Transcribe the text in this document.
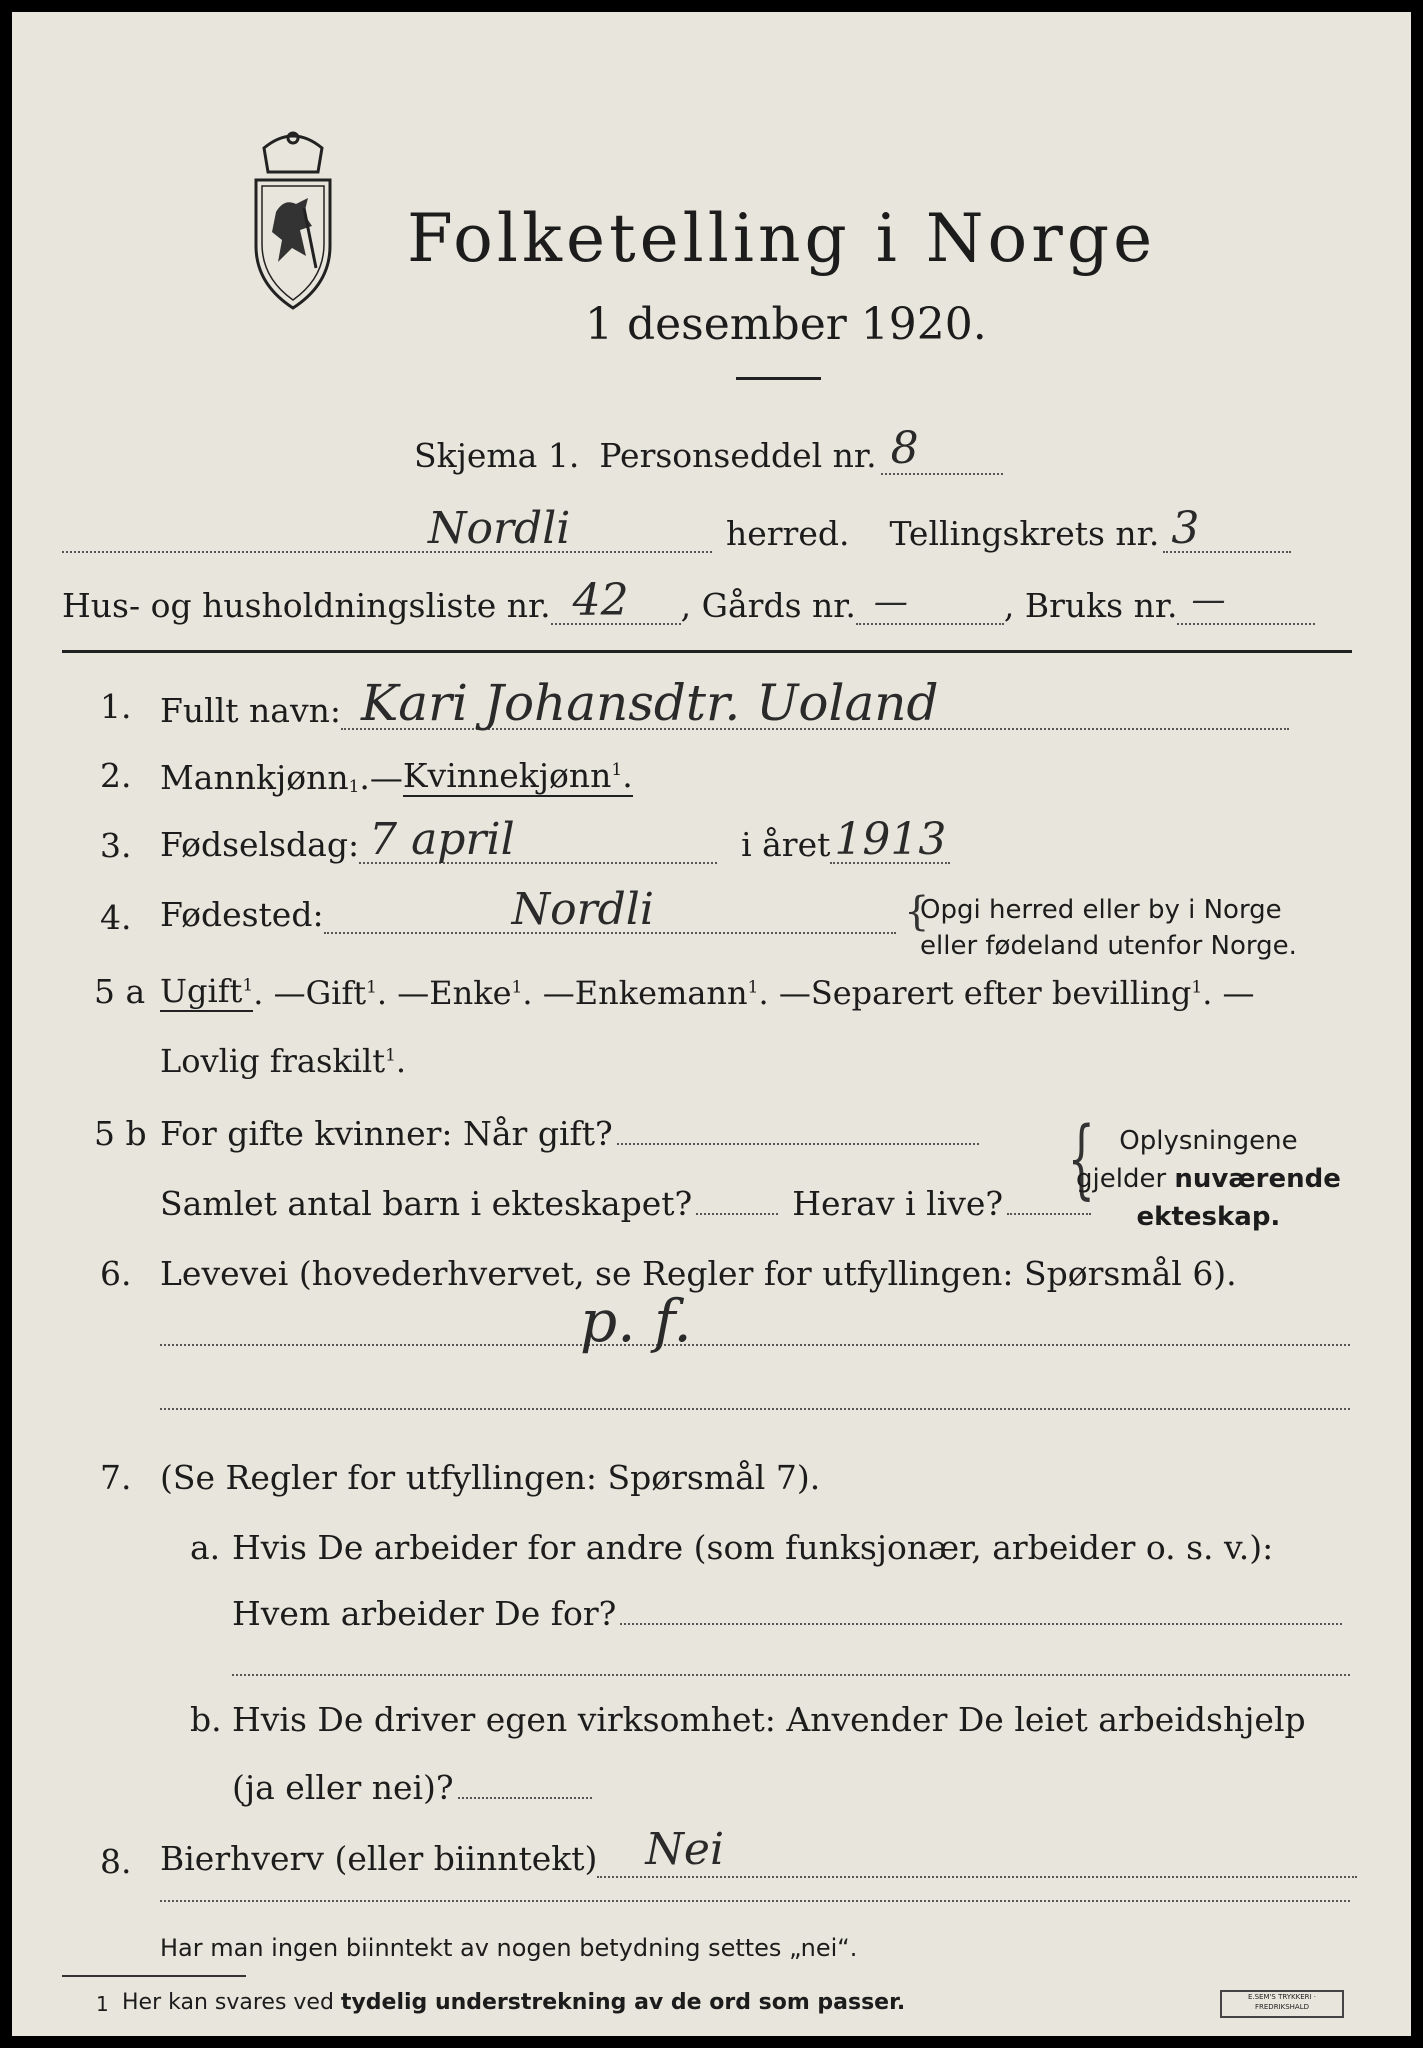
Folketelling i Norge
1 desember 1920.
Skjema 1. Personseddel nr. 8
Nordli	herred. Tellingskrets nr. 3
Hus- og husholdningsliste nr. 42 , Gårds nr. —	, Bruks nr. —
1. Fullt navn: Kari Johansdtr. Uoland
2. Mannkjønn 1 . — Kvinnekjønn$^1$.
3. Fødselsdag: 7 april	i året 1913
4. Fødested:	Nordli	Opgi herred eller by i Norge
eller fødeland utenfor Norge.
{
5 a Ugift$^1$ . — Gift$^1$ . — Enke$^1$ . — Enkemann$^1$ . — Separert efter bevilling$^1$ . —
Lovlig fraskilt$^1$.
5 b For gifte kvinner: Når gift?
Samlet antal barn i ekteskapet?	Herav i live? { Oplysningene
gjelder nuværende
ekteskap.
6. Levevei (hovederhvervet, se Regler for utfyllingen: Spørsmål 6).
p. f.
7. (Se Regler for utfyllingen: Spørsmål 7).
a. Hvis De arbeider for andre (som funksjonær, arbeider o. s. v.):
Hvem arbeider De for?
b. Hvis De driver egen virksomhet: Anvender De leiet arbeidshjelp
(ja eller nei)?
8. Bierhverv (eller biinntekt) Nei
Har man ingen biinntekt av nogen betydning settes „nei“.
1 Her kan svares ved tydelig understrekning av de ord som passer.	E.SEM'S TRYKKERI · FREDRIKSHALD
